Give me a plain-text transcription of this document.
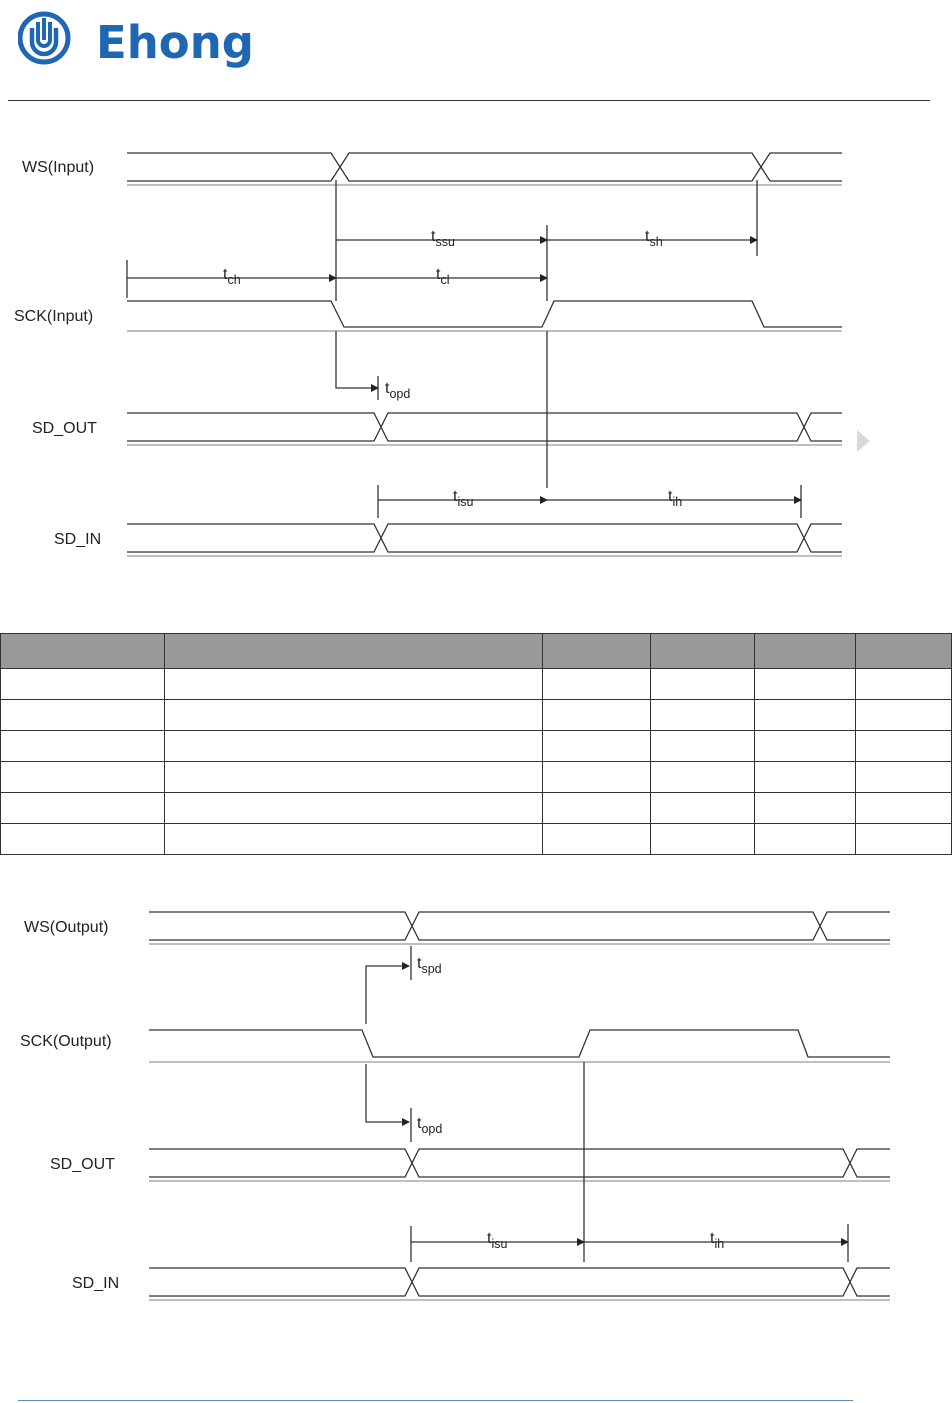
Ehong
WS(Input)
SCK(Input)
SD_OUT
SD_IN
$t_{ssu}$	$t_{sh}$
$t_{ch}$	$t_{cl}$
$t_{opd}$
$t_{isu}$	$t_{ih}$

WS(Output)
SCK(Output)
SD_OUT
SD_IN
$t_{spd}$
$t_{opd}$
$t_{isu}$	$t_{ih}$
